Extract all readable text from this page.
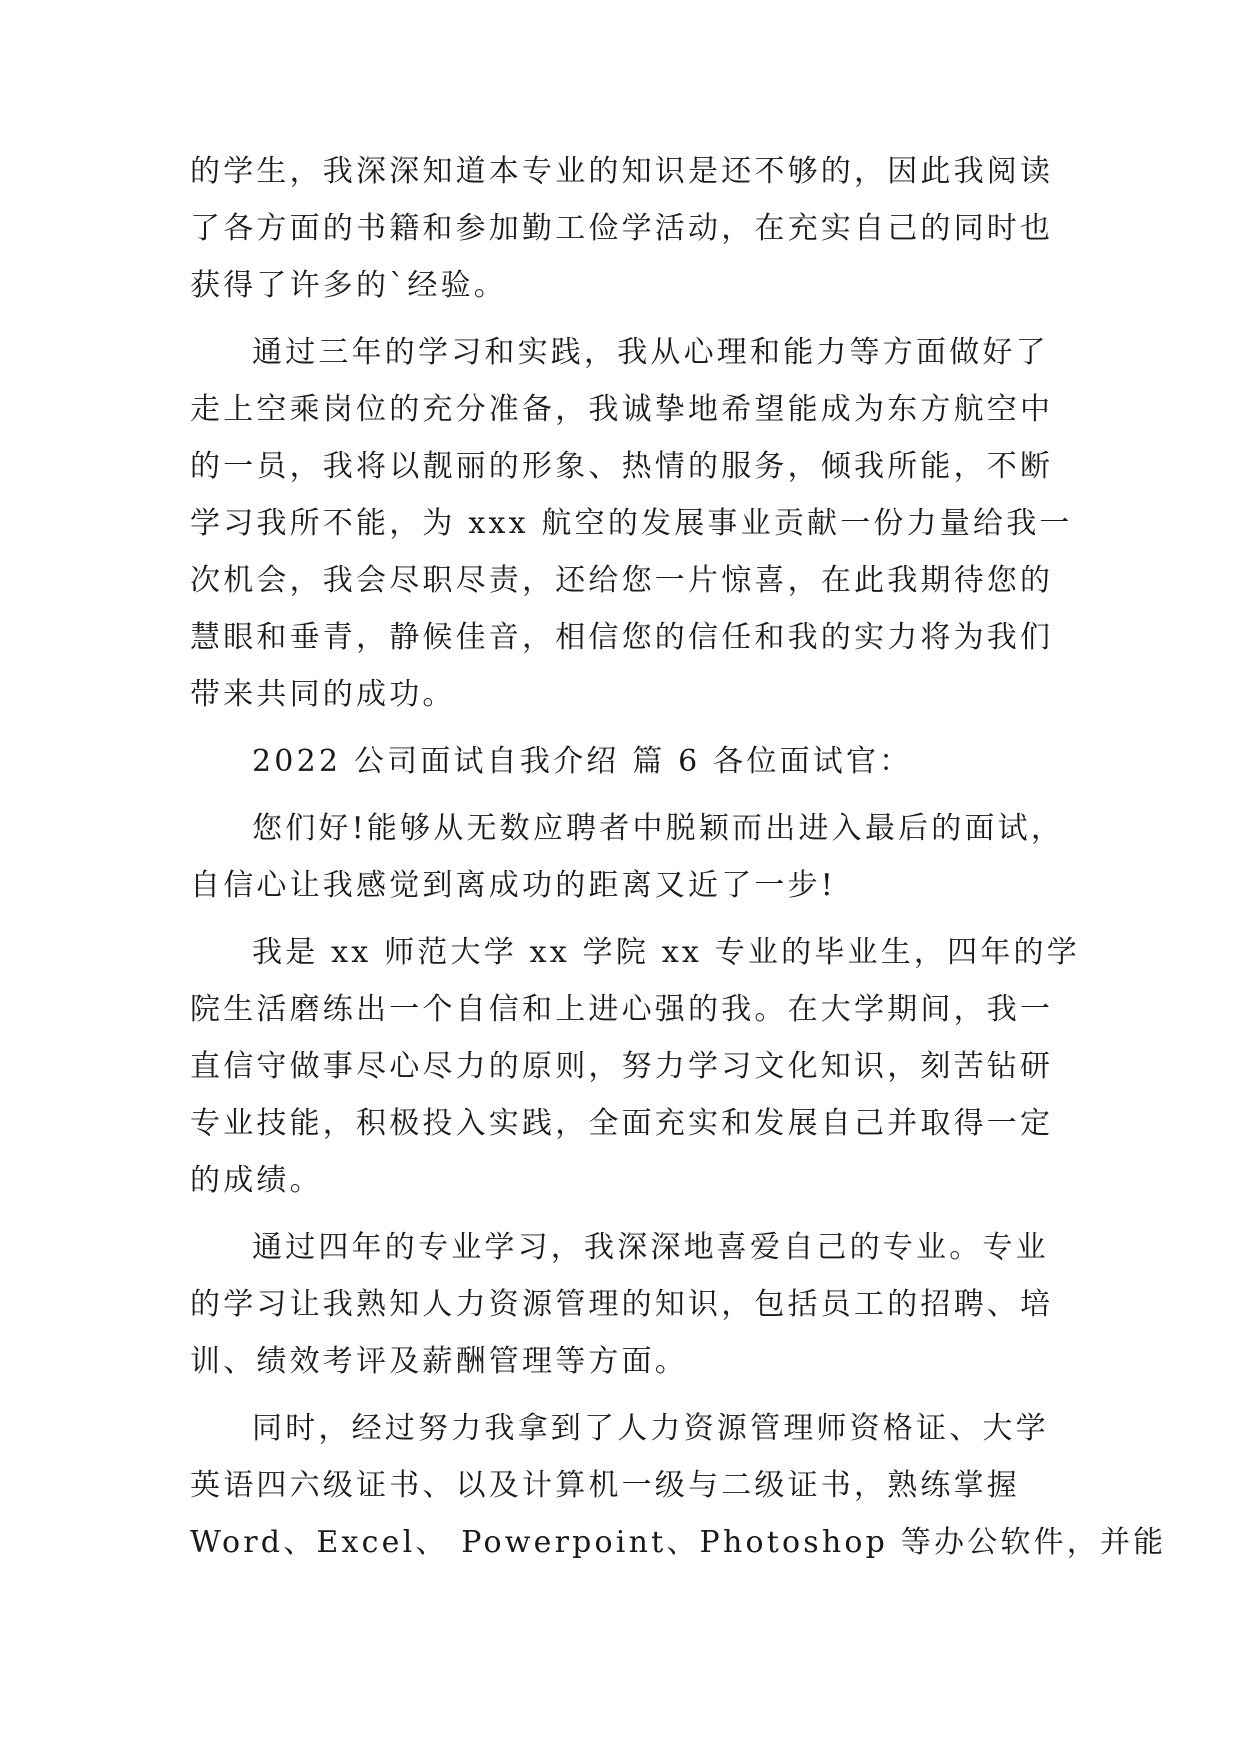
的学生，我深深知道本专业的知识是还不够的，因此我阅读
了各方面的书籍和参加勤工俭学活动，在充实自己的同时也
获得了许多的`经验。
通过三年的学习和实践，我从心理和能力等方面做好了
走上空乘岗位的充分准备，我诚挚地希望能成为东方航空中
的一员，我将以靓丽的形象、热情的服务，倾我所能，不断
学习我所不能，为 xxx 航空的发展事业贡献一份力量给我一
次机会，我会尽职尽责，还给您一片惊喜，在此我期待您的
慧眼和垂青，静候佳音，相信您的信任和我的实力将为我们
带来共同的成功。
2022 公司面试自我介绍 篇 6 各位面试官：
您们好!能够从无数应聘者中脱颖而出进入最后的面试，
自信心让我感觉到离成功的距离又近了一步!
我是 xx 师范大学 xx 学院 xx 专业的毕业生，四年的学
院生活磨练出一个自信和上进心强的我。在大学期间，我一
直信守做事尽心尽力的原则，努力学习文化知识，刻苦钻研
专业技能，积极投入实践，全面充实和发展自己并取得一定
的成绩。
通过四年的专业学习，我深深地喜爱自己的专业。专业
的学习让我熟知人力资源管理的知识，包括员工的招聘、培
训、绩效考评及薪酬管理等方面。
同时，经过努力我拿到了人力资源管理师资格证、大学
英语四六级证书、以及计算机一级与二级证书，熟练掌握
Word、Excel、 Powerpoint、Photoshop 等办公软件，并能
